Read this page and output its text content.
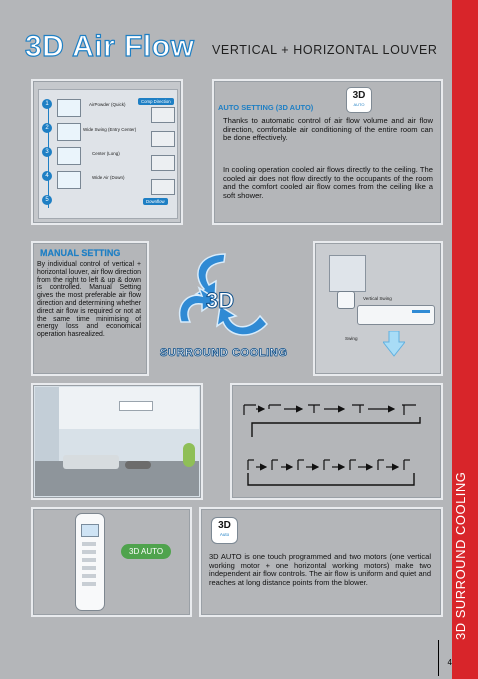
3D Air Flow VERTICAL + HORIZONTAL LOUVER
3D SURROUND COOLING
1
2
3
4
5
AirPowder (Quick)
Wide Swing (Entry Center)
Center (Long)
Wide Air (Down)
Comp Direction
Downflow
3D
AUTO
AUTO SETTING (3D AUTO)
Thanks to automatic control of air flow volume and air flow direction, comfortable air conditioning of the entire room can be done effectively.
In cooling operation cooled air flows directly to the ceiling. The cooled air does not flow directly to the occupants of the room and the comfort cooled air flow comes from the ceiling like a soft shower.
MANUAL SETTING
By individual control of vertical + horizontal louver, air flow direction from the right to left & up & down is controlled. Manual Setting gives the most preferable air flow direction and determining whether direct air flow is required or not at the same time minimising of energy loss and economical operation hasrealized.
3D
SURROUND COOLING
Vertical Swing
Swing
3D AUTO
3D
Auto
3D AUTO is one touch programmed and two motors (one vertical working motor + one horizontal working motors) make two independent air flow controls. The air flow is uniform and quiet and reaches at long distance points from the blower.
4
